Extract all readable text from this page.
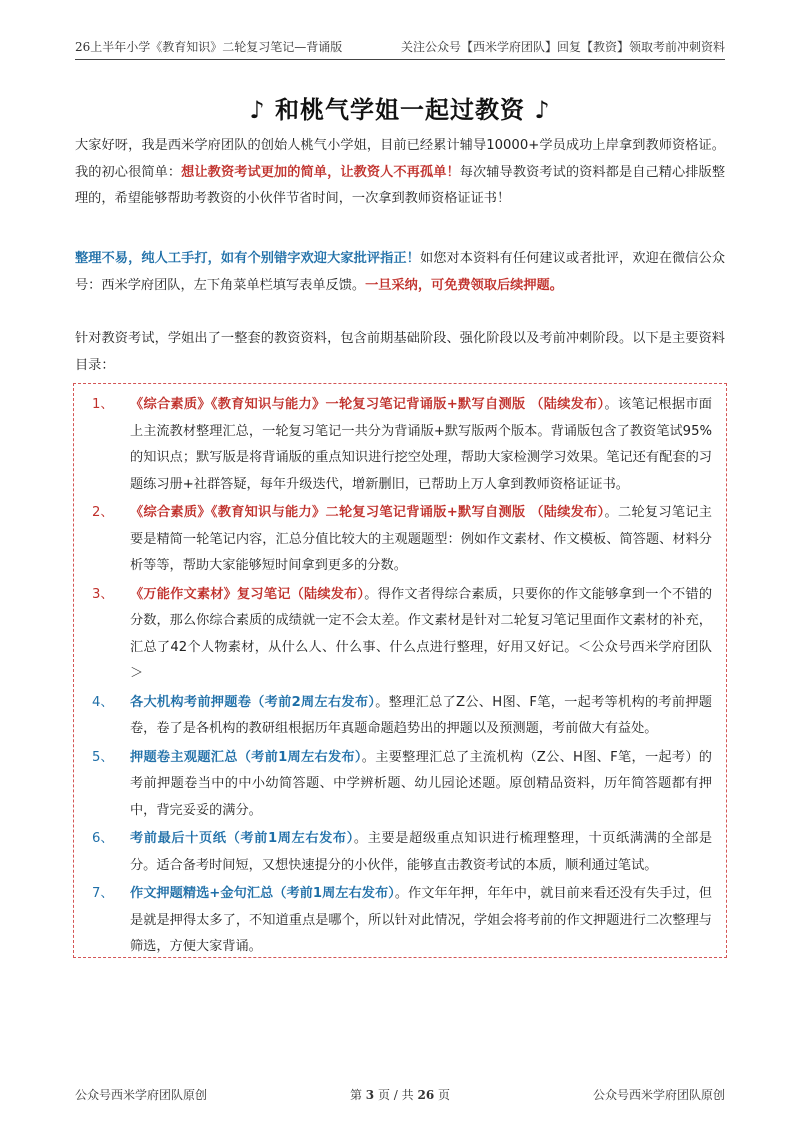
26上半年小学《教育知识》二轮复习笔记—背诵版	关注公众号【西米学府团队】回复【教资】领取考前冲刺资料
♪ 和桃气学姐一起过教资 ♪
大家好呀，我是西米学府团队的创始人桃气小学姐，目前已经累计辅导10000+学员成功上岸拿到教师资格证。我的初心很简单：想让教资考试更加的简单，让教资人不再孤单！每次辅导教资考试的资料都是自己精心排版整理的，希望能够帮助考教资的小伙伴节省时间，一次拿到教师资格证证书！
整理不易，纯人工手打，如有个别错字欢迎大家批评指正！如您对本资料有任何建议或者批评，欢迎在微信公众号：西米学府团队，左下角菜单栏填写表单反馈。一旦采纳，可免费领取后续押题。
针对教资考试，学姐出了一整套的教资资料，包含前期基础阶段、强化阶段以及考前冲刺阶段。以下是主要资料目录：
1、	《综合素质》《教育知识与能力》一轮复习笔记背诵版+默写自测版 （陆续发布）。该笔记根据市面上主流教材整理汇总，一轮复习笔记一共分为背诵版+默写版两个版本。背诵版包含了教资笔试95%的知识点；默写版是将背诵版的重点知识进行挖空处理，帮助大家检测学习效果。笔记还有配套的习题练习册+社群答疑，每年升级迭代，增新删旧，已帮助上万人拿到教师资格证证书。
2、	《综合素质》《教育知识与能力》二轮复习笔记背诵版+默写自测版 （陆续发布）。二轮复习笔记主要是精简一轮笔记内容，汇总分值比较大的主观题题型：例如作文素材、作文模板、简答题、材料分析等等，帮助大家能够短时间拿到更多的分数。
3、	《万能作文素材》复习笔记（陆续发布）。得作文者得综合素质，只要你的作文能够拿到一个不错的分数，那么你综合素质的成绩就一定不会太差。作文素材是针对二轮复习笔记里面作文素材的补充，汇总了42个人物素材，从什么人、什么事、什么点进行整理，好用又好记。＜公众号西米学府团队＞
4、	各大机构考前押题卷（考前2周左右发布）。整理汇总了Z公、H图、F笔，一起考等机构的考前押题卷，卷了是各机构的教研组根据历年真题命题趋势出的押题以及预测题，考前做大有益处。
5、	押题卷主观题汇总（考前1周左右发布）。主要整理汇总了主流机构（Z公、H图、F笔，一起考）的考前押题卷当中的中小幼简答题、中学辨析题、幼儿园论述题。原创精品资料，历年简答题都有押中，背完妥妥的满分。
6、	考前最后十页纸（考前1周左右发布）。主要是超级重点知识进行梳理整理，十页纸满满的全部是分。适合备考时间短，又想快速提分的小伙伴，能够直击教资考试的本质，顺利通过笔试。
7、	作文押题精选+金句汇总（考前1周左右发布）。作文年年押，年年中，就目前来看还没有失手过，但是就是押得太多了，不知道重点是哪个，所以针对此情况，学姐会将考前的作文押题进行二次整理与筛选，方便大家背诵。
公众号西米学府团队原创	第 3 页 / 共 26 页	公众号西米学府团队原创
